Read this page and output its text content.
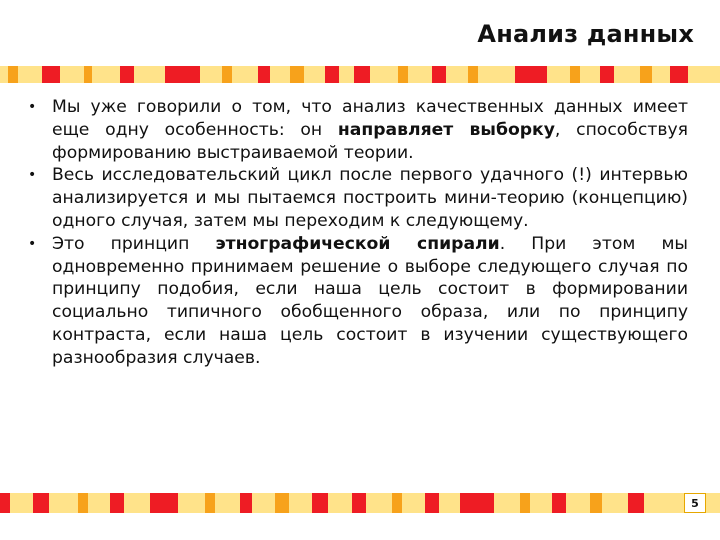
Анализ данных

• Мы уже говорили о том, что анализ качественных данных имеет еще одну особенность: он направляет выборку, способствуя формированию выстраиваемой теории.

• Весь исследовательский цикл после первого удачного (!) интервью анализируется и мы пытаемся построить мини-теорию (концепцию) одного случая, затем мы переходим к следующему.

• Это принцип этнографической спирали. При этом мы одновременно принимаем решение о выборе следующего случая по принципу подобия, если наша цель состоит в формировании социально типичного обобщенного образа, или по принципу контраста, если наша цель состоит в изучении существующего разнообразия случаев.

5
